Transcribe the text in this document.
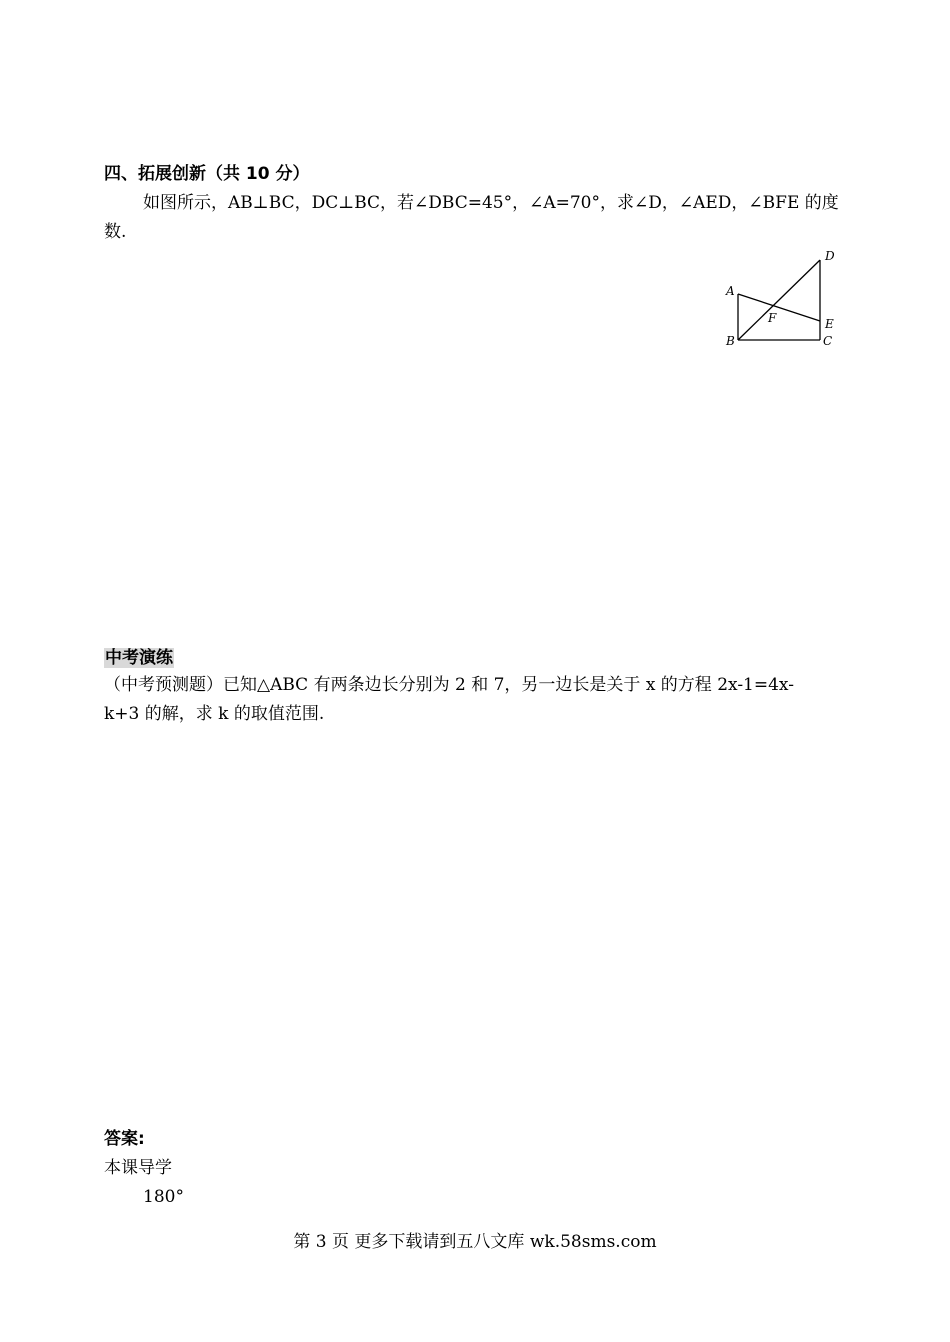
四、拓展创新（共 10 分）
如图所示，AB⊥BC，DC⊥BC，若∠DBC=45°，∠A=70°，求∠D，∠AED，∠BFE 的度
数.
A
B	C
D
E
F
中考演练
（中考预测题）已知△ABC 有两条边长分别为 2 和 7，另一边长是关于 x 的方程 2x-1=4x-
k+3 的解，求 k 的取值范围.
答案:
本课导学
180°
第 3 页 更多下载请到五八文库 wk.58sms.com
